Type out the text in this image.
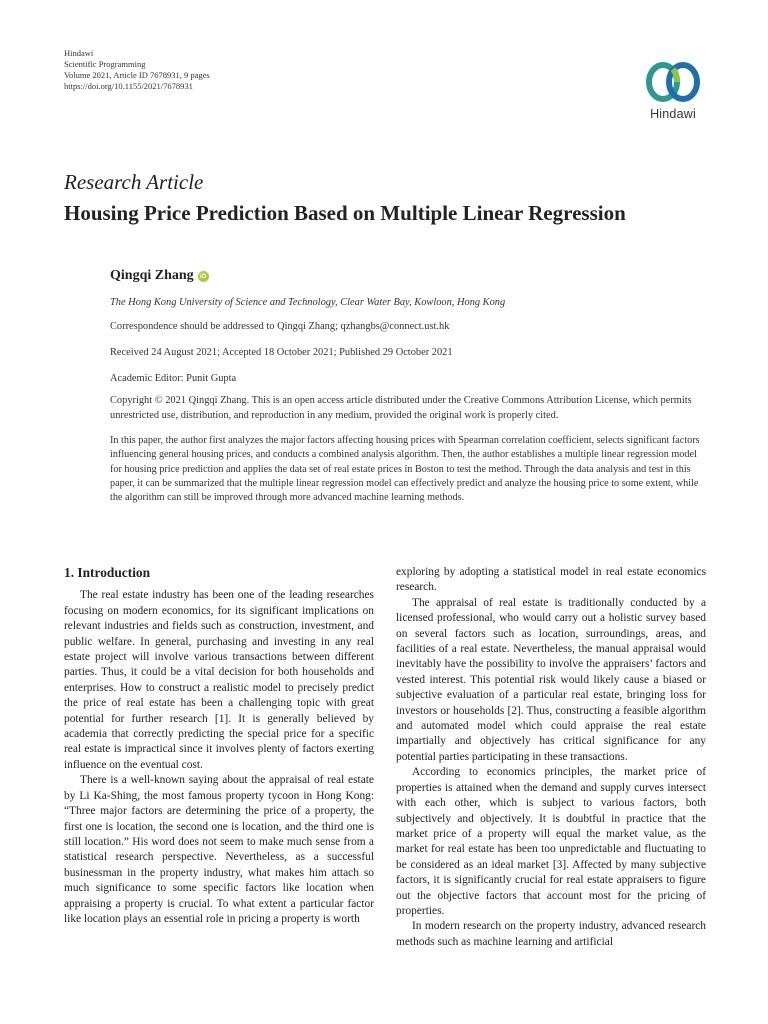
Hindawi
Scientific Programming
Volume 2021, Article ID 7678931, 9 pages
https://doi.org/10.1155/2021/7678931
Hindawi
Research Article
Housing Price Prediction Based on Multiple Linear Regression
Qingqi Zhang iD
The Hong Kong University of Science and Technology, Clear Water Bay, Kowloon, Hong Kong
Correspondence should be addressed to Qingqi Zhang; qzhangbs@connect.ust.hk
Received 24 August 2021; Accepted 18 October 2021; Published 29 October 2021
Academic Editor: Punit Gupta
Copyright © 2021 Qingqi Zhang. This is an open access article distributed under the Creative Commons Attribution License, which permits unrestricted use, distribution, and reproduction in any medium, provided the original work is properly cited.
In this paper, the author first analyzes the major factors affecting housing prices with Spearman correlation coefficient, selects significant factors influencing general housing prices, and conducts a combined analysis algorithm. Then, the author establishes a multiple linear regression model for housing price prediction and applies the data set of real estate prices in Boston to test the method. Through the data analysis and test in this paper, it can be summarized that the multiple linear regression model can effectively predict and analyze the housing price to some extent, while the algorithm can still be improved through more advanced machine learning methods.
1. Introduction

The real estate industry has been one of the leading researches focusing on modern economics, for its significant implications on relevant industries and fields such as construction, investment, and public welfare. In general, purchasing and investing in any real estate project will involve various transactions between different parties. Thus, it could be a vital decision for both households and enterprises. How to construct a realistic model to precisely predict the price of real estate has been a challenging topic with great potential for further research [1]. It is generally believed by academia that correctly predicting the special price for a specific real estate is impractical since it involves plenty of factors exerting influence on the eventual cost.

There is a well-known saying about the appraisal of real estate by Li Ka-Shing, the most famous property tycoon in Hong Kong: “Three major factors are determining the price of a property, the first one is location, the second one is location, and the third one is still location.” His word does not seem to make much sense from a statistical research perspective. Nevertheless, as a successful businessman in the property industry, what makes him attach so much significance to some specific factors like location when appraising a property is crucial. To what extent a particular factor like location plays an essential role in pricing a property is worth

exploring by adopting a statistical model in real estate economics research.

The appraisal of real estate is traditionally conducted by a licensed professional, who would carry out a holistic survey based on several factors such as location, surroundings, areas, and facilities of a real estate. Nevertheless, the manual appraisal would inevitably have the possibility to involve the appraisers’ factors and vested interest. This potential risk would likely cause a biased or subjective evaluation of a particular real estate, bringing loss for investors or households [2]. Thus, constructing a feasible algorithm and automated model which could appraise the real estate impartially and objectively has critical significance for any potential parties participating in these transactions.

According to economics principles, the market price of properties is attained when the demand and supply curves intersect with each other, which is subject to various factors, both subjectively and objectively. It is doubtful in practice that the market price of a property will equal the market value, as the market for real estate has been too unpredictable and fluctuating to be considered as an ideal market [3]. Affected by many subjective factors, it is significantly crucial for real estate appraisers to figure out the objective factors that account most for the pricing of properties.

In modern research on the property industry, advanced research methods such as machine learning and artificial
